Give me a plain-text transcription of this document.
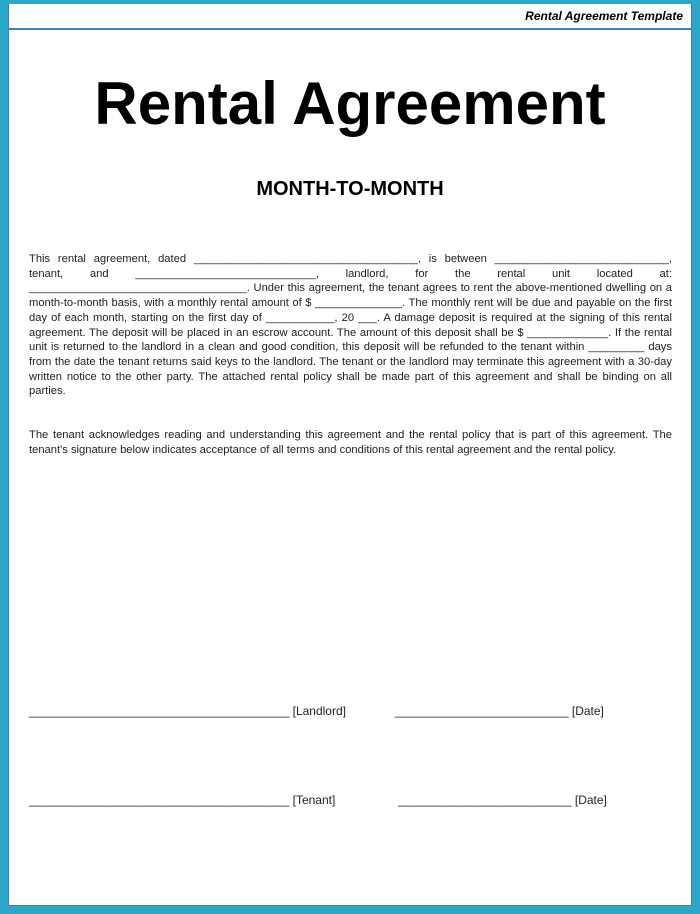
Rental Agreement Template
Rental Agreement
MONTH-TO-MONTH
This rental agreement, dated ____________________________________, is between ____________________________, tenant, and _____________________________, landlord, for the rental unit located at: ___________________________________. Under this agreement, the tenant agrees to rent the above-mentioned dwelling on a month-to-month basis, with a monthly rental amount of $ ______________. The monthly rent will be due and payable on the first day of each month, starting on the first day of ___________, 20 ___. A damage deposit is required at the signing of this rental agreement. The deposit will be placed in an escrow account. The amount of this deposit shall be $ _____________. If the rental unit is returned to the landlord in a clean and good condition, this deposit will be refunded to the tenant within _________ days from the date the tenant returns said keys to the landlord. The tenant or the landlord may terminate this agreement with a 30-day written notice to the other party. The attached rental policy shall be made part of this agreement and shall be binding on all parties.
The tenant acknowledges reading and understanding this agreement and the rental policy that is part of this agreement. The tenant's signature below indicates acceptance of all terms and conditions of this rental agreement and the rental policy.
_______________________________________ [Landlord]	__________________________ [Date]
_______________________________________ [Tenant]	__________________________ [Date]
